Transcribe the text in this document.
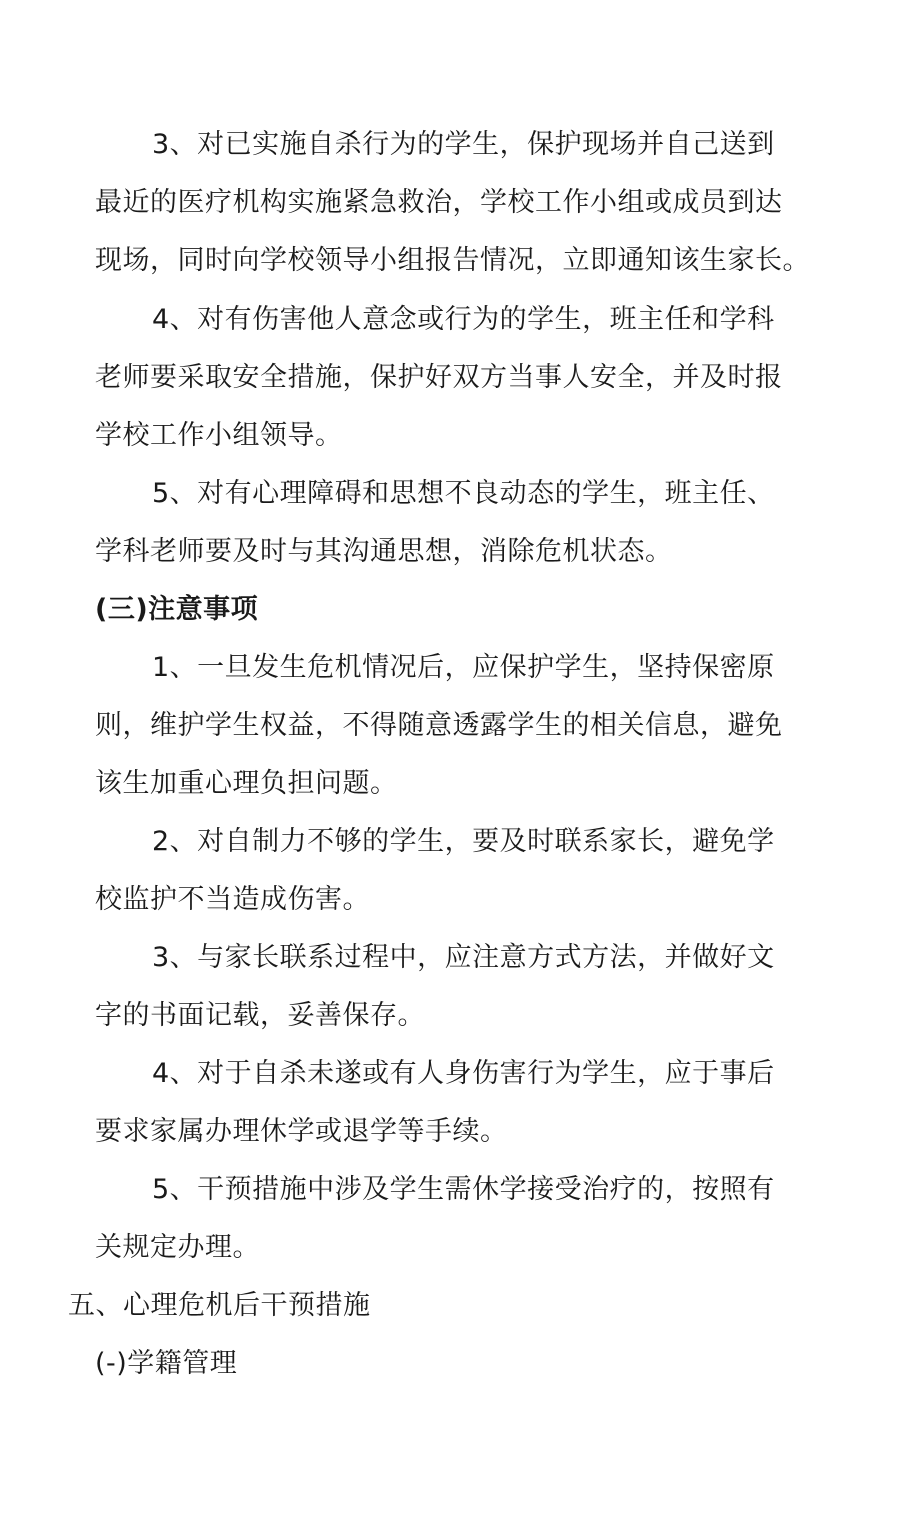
3、对已实施自杀行为的学生，保护现场并自己送到
最近的医疗机构实施紧急救治，学校工作小组或成员到达
现场，同时向学校领导小组报告情况，立即通知该生家长。
4、对有伤害他人意念或行为的学生，班主任和学科
老师要采取安全措施，保护好双方当事人安全，并及时报
学校工作小组领导。
5、对有心理障碍和思想不良动态的学生，班主任、
学科老师要及时与其沟通思想，消除危机状态。
(三)注意事项
1、一旦发生危机情况后，应保护学生，坚持保密原
则，维护学生权益，不得随意透露学生的相关信息，避免
该生加重心理负担问题。
2、对自制力不够的学生，要及时联系家长，避免学
校监护不当造成伤害。
3、与家长联系过程中，应注意方式方法，并做好文
字的书面记载，妥善保存。
4、对于自杀未遂或有人身伤害行为学生，应于事后
要求家属办理休学或退学等手续。
5、干预措施中涉及学生需休学接受治疗的，按照有
关规定办理。
五、心理危机后干预措施
(-)学籍管理
